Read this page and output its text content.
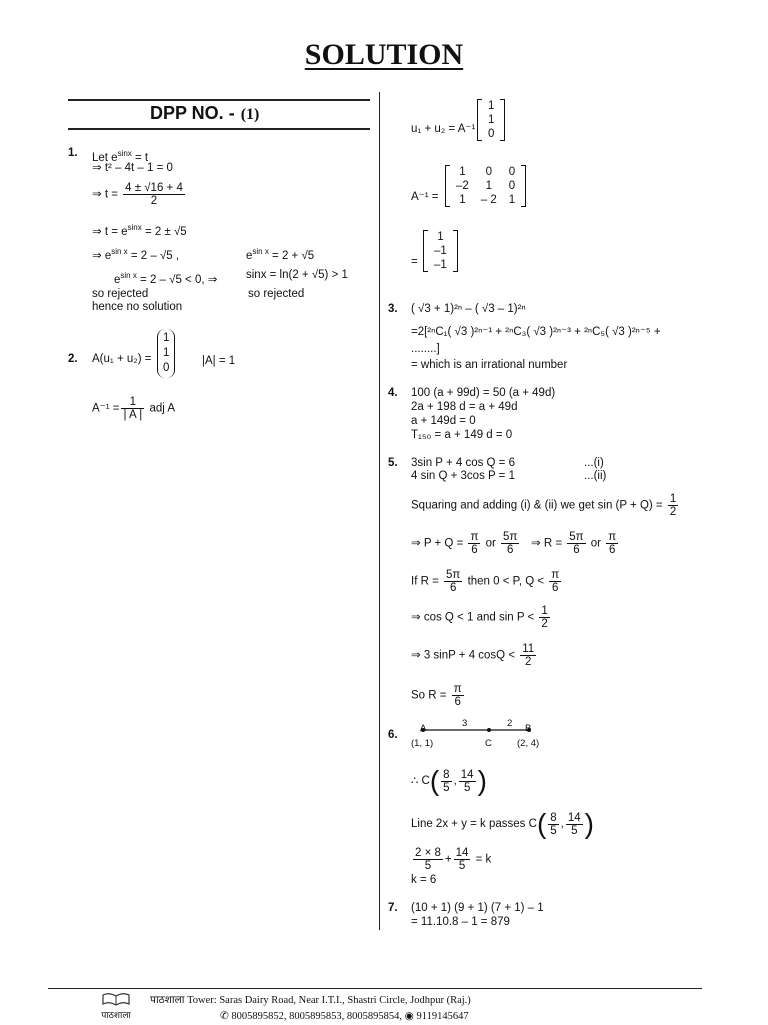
SOLUTION
DPP NO. - (1)
1. Let $e^{sinx} = t$
⇒ t² – 4t – 1 = 0
⇒ $t = \frac{4 \pm √16 + 4}{2}$
⇒ $t = e^{sinx} = 2 \pm √5$
⇒ $e^{sin x} = 2 - √5$ ,	$e^{sin x} = 2 + √5$
$e^{sin x} = 2 - √5 < 0$, ⇒ sinx = ln(2 + √5) > 1
so rejected	so rejected
hence no solution
2. A(u₁ + u₂) =
1
1
0
|A| = 1
$A^{-1} = \frac{1}{| A |}$ adj A
u₁ + u₂ = A⁻¹
1
1
0
A⁻¹ =
1	0	0
–2	1	0
1	– 2	1
=
1
–1
–1
3. ( √3 + 1)²ⁿ – ( √3 – 1)²ⁿ
=2[²ⁿC₁( √3 )²ⁿ⁻¹ + ²ⁿC₃( √3 )²ⁿ⁻³ + ²ⁿC₅( √3 )²ⁿ⁻⁵ +
........]
= which is an irrational number
4. 100 (a + 99d) = 50 (a + 49d)
2a + 198 d = a + 49d
a + 149d = 0
T₁₅₀ = a + 149 d = 0
5. 3sin P + 4 cos Q = 6	...(i)
4 sin Q + 3cos P = 1	...(ii)
Squaring and adding (i) & (ii) we get $\sin (P + Q) = \frac{1}{2}$
⇒ $P + Q = \frac{\pi}{6}$ or $\frac{5\pi}{6}$ ⇒ $R = \frac{5\pi}{6}$ or $\frac{\pi}{6}$
If $R = \frac{5\pi}{6}$ then 0 < P, $Q < \frac{\pi}{6}$
⇒ cos Q < 1 and $\sin P < \frac{1}{2}$
⇒ 3 sinP + 4 $\cos Q < \frac{11}{2}$
So $R = \frac{\pi}{6}$
6.
A	3	2 B
(1, 1)	C	(2, 4)
∴ $C( \frac{8}{5}$ , $\frac{14}{5}$ )
Line 2x + y = k passes $C( \frac{8}{5}$ , $\frac{14}{5}$ )
$\frac{2 \times 8}{5} + \frac{14}{5} = k$
k = 6
7. (10 + 1) (9 + 1) (7 + 1) – 1
= 11.10.8 – 1 = 879
पाठशाला
पाठशाला Tower: Saras Dairy Road, Near I.T.I., Shastri Circle, Jodhpur (Raj.)
✆ 8005895852, 8005895853, 8005895854, ◉ 9119145647
